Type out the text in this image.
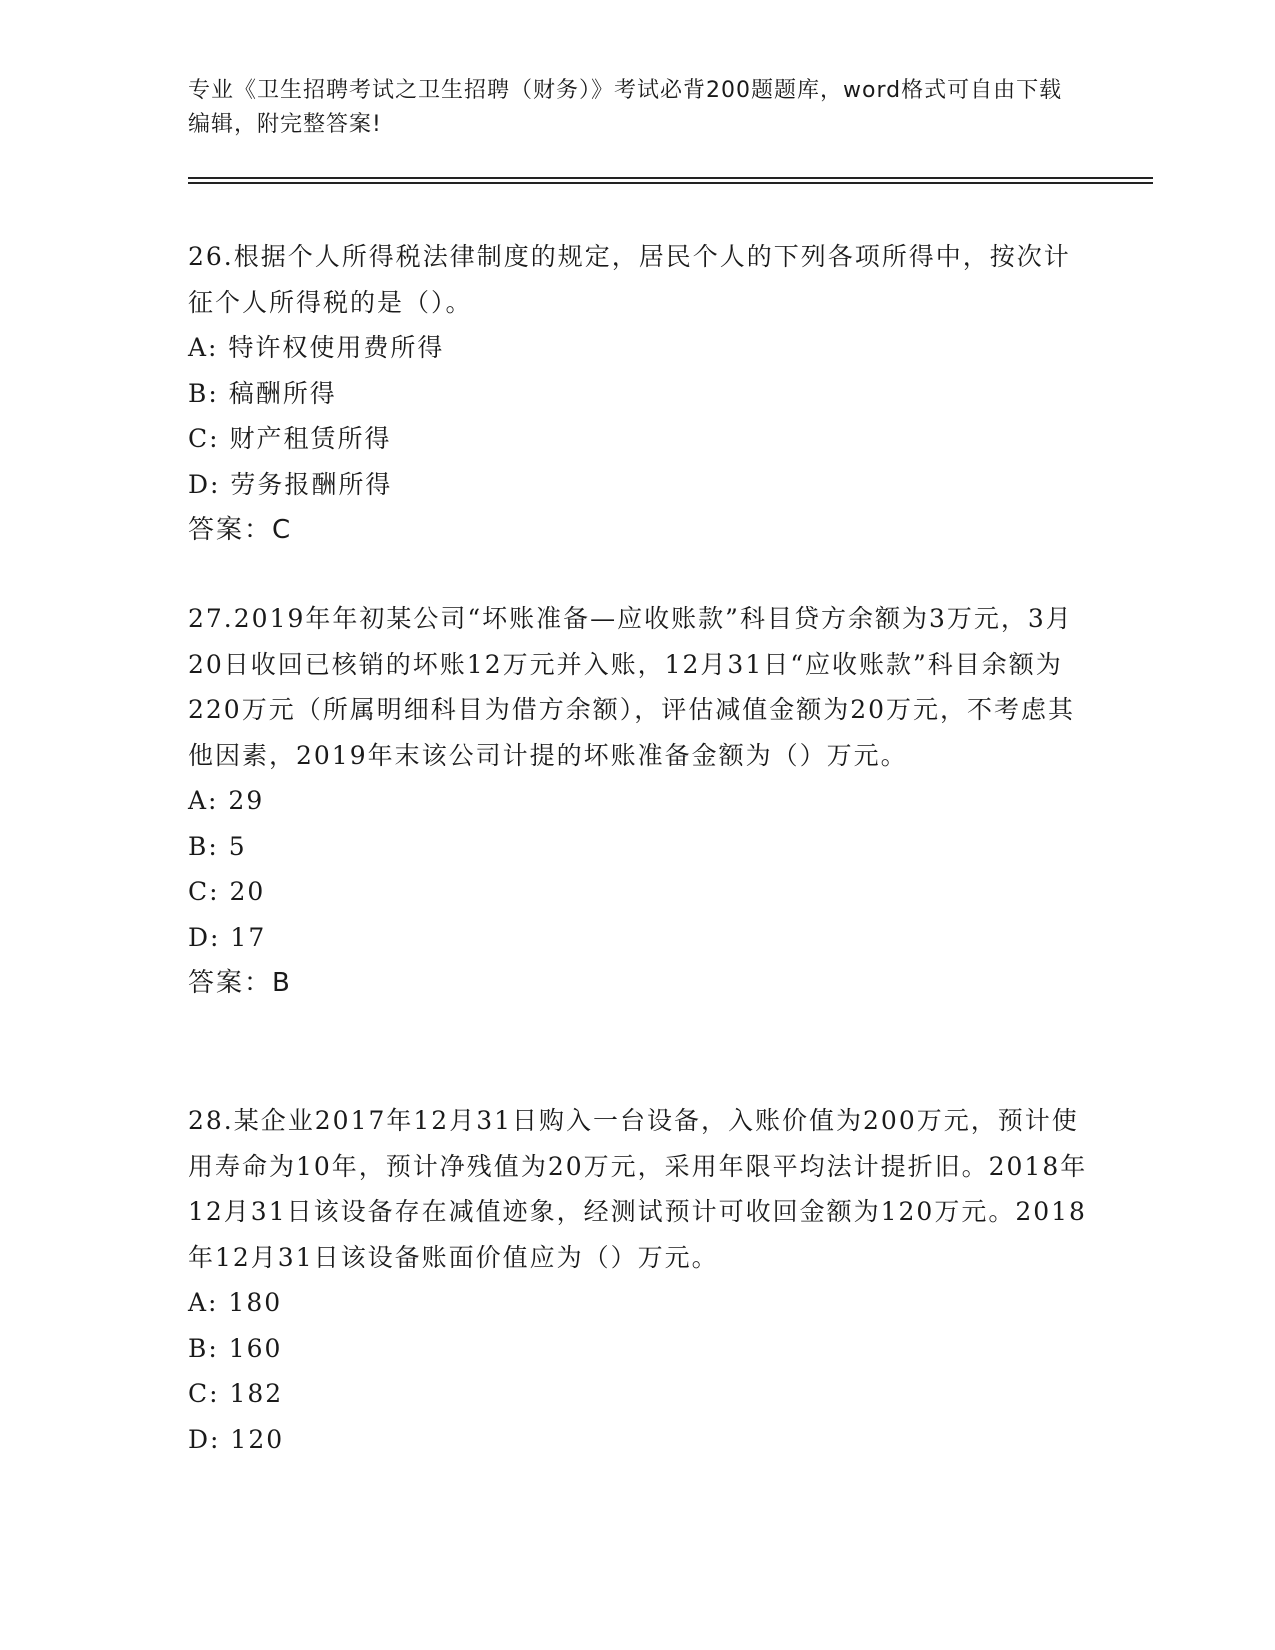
专业《卫生招聘考试之卫生招聘（财务）》考试必背200题题库，word格式可自由下载编辑，附完整答案!
26.根据个人所得税法律制度的规定，居民个人的下列各项所得中，按次计征个人所得税的是（）。
A: 特许权使用费所得
B: 稿酬所得
C: 财产租赁所得
D: 劳务报酬所得
答案：C
27.2019年年初某公司“坏账准备—应收账款”科目贷方余额为3万元，3月20日收回已核销的坏账12万元并入账，12月31日“应收账款”科目余额为220万元（所属明细科目为借方余额），评估减值金额为20万元，不考虑其他因素，2019年末该公司计提的坏账准备金额为（）万元。
A: 29
B: 5
C: 20
D: 17
答案：B
28.某企业2017年12月31日购入一台设备，入账价值为200万元，预计使用寿命为10年，预计净残值为20万元，采用年限平均法计提折旧。2018年12月31日该设备存在减值迹象，经测试预计可收回金额为120万元。2018年12月31日该设备账面价值应为（）万元。
A: 180
B: 160
C: 182
D: 120
